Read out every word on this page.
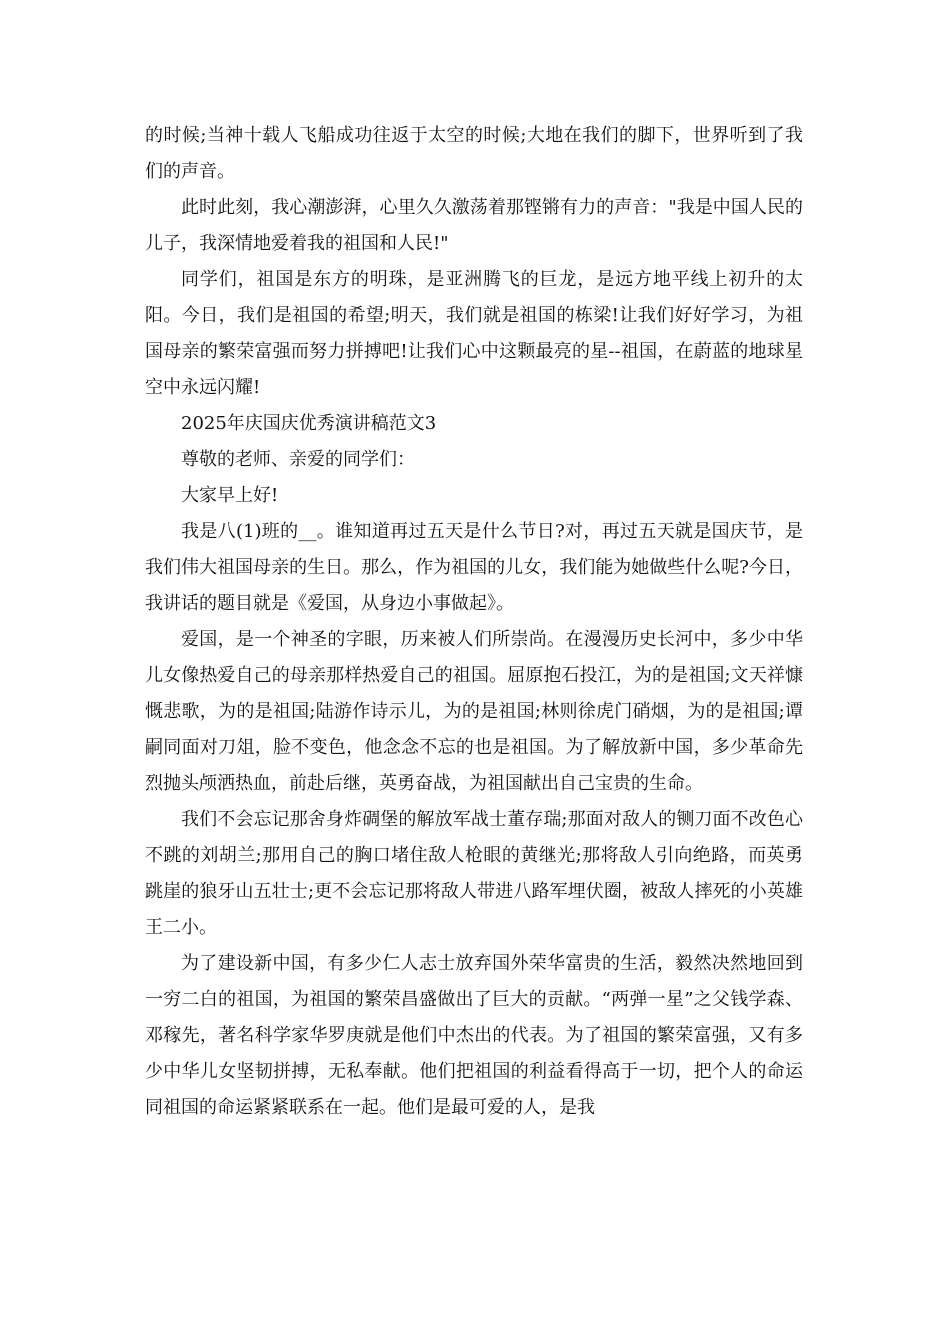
的时候;当神十载人飞船成功往返于太空的时候;大地在我们的脚下，世界听到了我们的声音。

此时此刻，我心潮澎湃，心里久久激荡着那铿锵有力的声音："我是中国人民的儿子，我深情地爱着我的祖国和人民!"

同学们，祖国是东方的明珠，是亚洲腾飞的巨龙，是远方地平线上初升的太阳。今日，我们是祖国的希望;明天，我们就是祖国的栋梁!让我们好好学习，为祖国母亲的繁荣富强而努力拼搏吧!让我们心中这颗最亮的星--祖国，在蔚蓝的地球星空中永远闪耀!

2025年庆国庆优秀演讲稿范文3

尊敬的老师、亲爱的同学们：

大家早上好!

我是八(1)班的__。谁知道再过五天是什么节日?对，再过五天就是国庆节，是我们伟大祖国母亲的生日。那么，作为祖国的儿女，我们能为她做些什么呢?今日，我讲话的题目就是《爱国，从身边小事做起》。

爱国，是一个神圣的字眼，历来被人们所崇尚。在漫漫历史长河中，多少中华儿女像热爱自己的母亲那样热爱自己的祖国。屈原抱石投江，为的是祖国;文天祥慷慨悲歌，为的是祖国;陆游作诗示儿，为的是祖国;林则徐虎门硝烟，为的是祖国;谭嗣同面对刀俎，脸不变色，他念念不忘的也是祖国。为了解放新中国，多少革命先烈抛头颅洒热血，前赴后继，英勇奋战，为祖国献出自己宝贵的生命。

我们不会忘记那舍身炸碉堡的解放军战士董存瑞;那面对敌人的铡刀面不改色心不跳的刘胡兰;那用自己的胸口堵住敌人枪眼的黄继光;那将敌人引向绝路，而英勇跳崖的狼牙山五壮士;更不会忘记那将敌人带进八路军埋伏圈，被敌人摔死的小英雄王二小。

为了建设新中国，有多少仁人志士放弃国外荣华富贵的生活，毅然决然地回到一穷二白的祖国，为祖国的繁荣昌盛做出了巨大的贡献。“两弹一星”之父钱学森、邓稼先，著名科学家华罗庚就是他们中杰出的代表。为了祖国的繁荣富强，又有多少中华儿女坚韧拼搏，无私奉献。他们把祖国的利益看得高于一切，把个人的命运同祖国的命运紧紧联系在一起。他们是最可爱的人，是我
